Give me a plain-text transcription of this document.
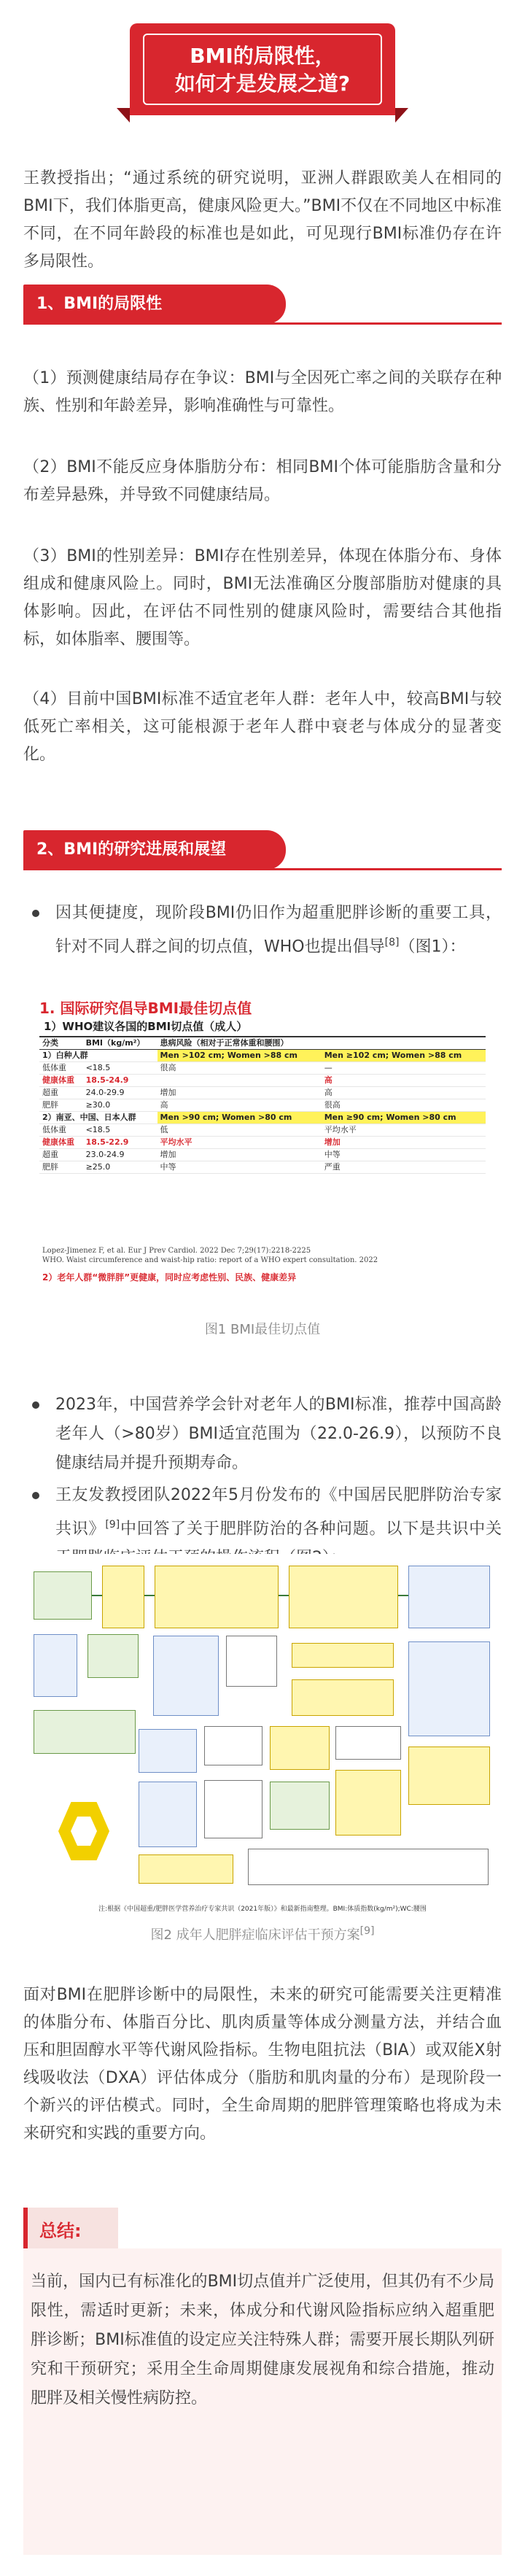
BMI的局限性，
如何才是发展之道?
王教授指出；“通过系统的研究说明，亚洲人群跟欧美人在相同的BMI下，我们体脂更高，健康风险更大。”BMI不仅在不同地区中标准不同，在不同年龄段的标准也是如此，可见现行BMI标准仍存在许多局限性。
1、BMI的局限性
（1）预测健康结局存在争议：BMI与全因死亡率之间的关联存在种族、性别和年龄差异，影响准确性与可靠性。
（2）BMI不能反应身体脂肪分布：相同BMI个体可能脂肪含量和分布差异悬殊，并导致不同健康结局。
（3）BMI的性别差异：BMI存在性别差异，体现在体脂分布、身体组成和健康风险上。同时，BMI无法准确区分腹部脂肪对健康的具体影响。因此，在评估不同性别的健康风险时，需要结合其他指标，如体脂率、腰围等。
（4）目前中国BMI标准不适宜老年人群：老年人中，较高BMI与较低死亡率相关，这可能根源于老年人群中衰老与体成分的显著变化。
2、BMI的研究进展和展望
因其便捷度，现阶段BMI仍旧作为超重肥胖诊断的重要工具，针对不同人群之间的切点值，WHO也提出倡导[8]（图1）：
1. 国际研究倡导BMI最佳切点值
1）WHO建议各国的BMI切点值（成人）
分类	BMI（kg/m²）	患病风险（相对于正常体重和腰围）	
1）白种人群		Men >102 cm; Women >88 cm	Men ≥102 cm; Women >88 cm
低体重	<18.5	很高	—
健康体重	18.5-24.9		高
超重	24.0-29.9	增加	高
肥胖	≥30.0	高	很高
2）南亚、中国、日本人群		Men >90 cm; Women >80 cm	Men ≥90 cm; Women >80 cm
低体重	<18.5	低	平均水平
健康体重	18.5-22.9	平均水平	增加
超重	23.0-24.9	增加	中等
肥胖	≥25.0	中等	严重
Lopez-Jimenez F, et al. Eur J Prev Cardiol. 2022 Dec 7;29(17):2218-2225
WHO. Waist circumference and waist-hip ratio: report of a WHO expert consultation. 2022
2）老年人群“微胖胖”更健康，同时应考虑性别、民族、健康差异
图1 BMI最佳切点值
2023年，中国营养学会针对老年人的BMI标准，推荐中国高龄老年人（>80岁）BMI适宜范围为（22.0-26.9），以预防不良健康结局并提升预期寿命。
王友发教授团队2022年5月份发布的《中国居民肥胖防治专家共识》[9]中回答了关于肥胖防治的各种问题。以下是共识中关
注:根据《中国超重/肥胖医学营养治疗专家共识（2021年版）》和最新指南整理。BMI:体质指数(kg/m²);WC:腰围
图2 成年人肥胖症临床评估干预方案[9]
面对BMI在肥胖诊断中的局限性，未来的研究可能需要关注更精准的体脂分布、体脂百分比、肌肉质量等体成分测量方法，并结合血压和胆固醇水平等代谢风险指标。生物电阻抗法（BIA）或双能X射线吸收法（DXA）评估体成分（脂肪和肌肉量的分布）是现阶段一个新兴的评估模式。同时，全生命周期的肥胖管理策略也将成为未来研究和实践的重要方向。
总结:
当前，国内已有标准化的BMI切点值并广泛使用，但其仍有不少局限性，需适时更新；未来，体成分和代谢风险指标应纳入超重肥胖诊断；BMI标准值的设定应关注特殊人群；需要开展长期队列研究和干预研究；采用全生命周期健康发展视角和综合措施，推动肥胖及相关慢性病防控。
